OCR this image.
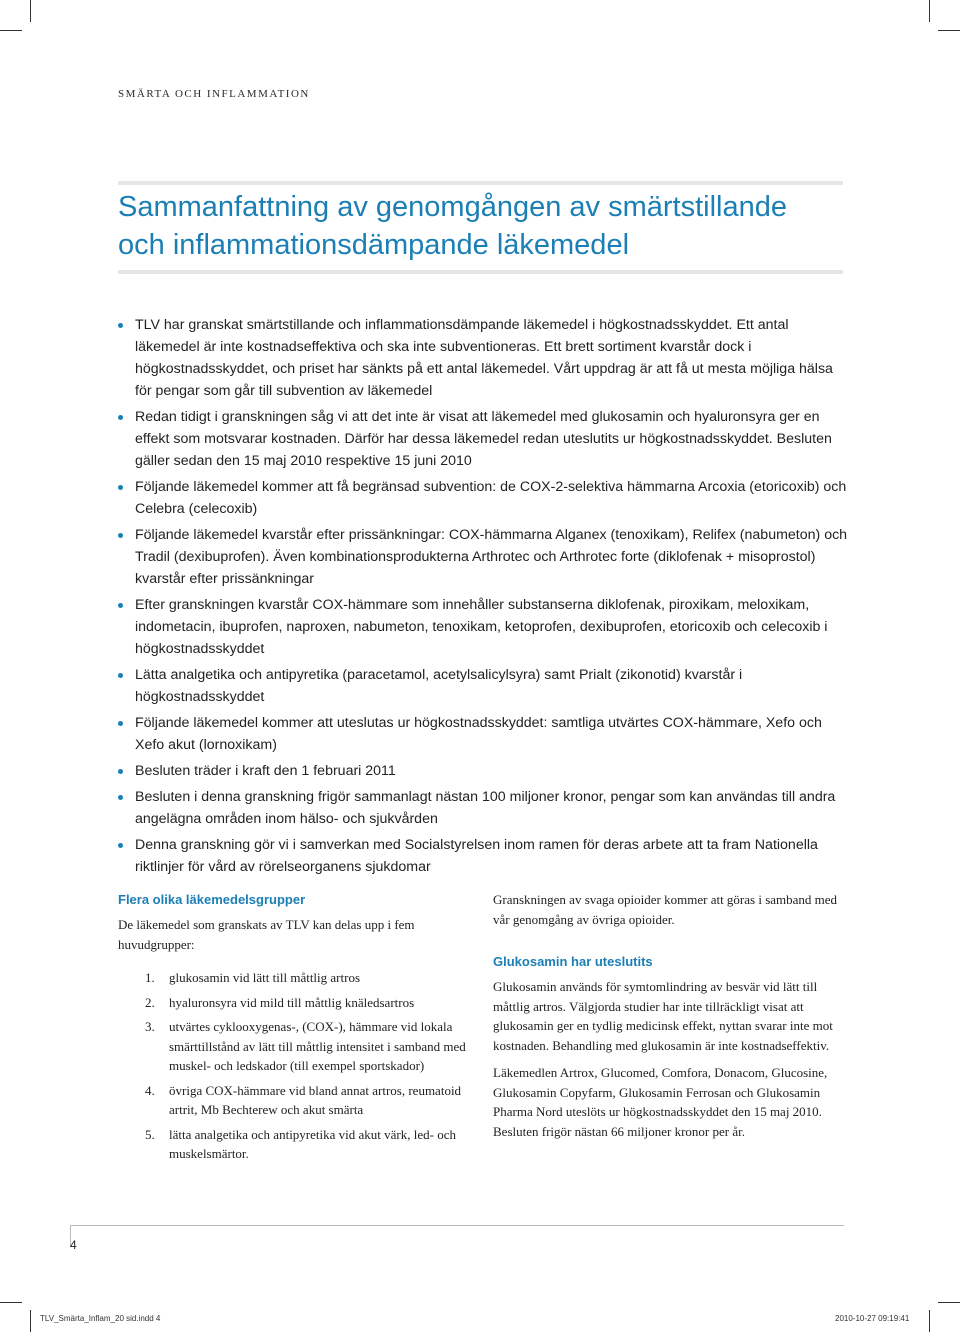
SMÄRTA OCH INFLAMMATION
Sammanfattning av genomgången av smärtstillande
och inflammationsdämpande läkemedel
TLV har granskat smärtstillande och inflammationsdämpande läkemedel i högkostnadsskyddet. Ett antal läkemedel är inte kostnadseffektiva och ska inte subventioneras. Ett brett sortiment kvarstår dock i högkostnadsskyddet, och priset har sänkts på ett antal läkemedel. Vårt uppdrag är att få ut mesta möjliga hälsa för pengar som går till subvention av läkemedel
Redan tidigt i granskningen såg vi att det inte är visat att läkemedel med glukosamin och hyaluronsyra ger en effekt som motsvarar kostnaden. Därför har dessa läkemedel redan uteslutits ur högkostnadsskyddet. Besluten gäller sedan den 15 maj 2010 respektive 15 juni 2010
Följande läkemedel kommer att få begränsad subvention: de COX-2-selektiva hämmarna Arcoxia (etoricoxib) och Celebra (celecoxib)
Följande läkemedel kvarstår efter prissänkningar: COX-hämmarna Alganex (tenoxikam), Relifex (nabumeton) och Tradil (dexibuprofen). Även kombinationsprodukterna Arthrotec och Arthrotec forte (diklofenak + misoprostol) kvarstår efter prissänkningar
Efter granskningen kvarstår COX-hämmare som innehåller substanserna diklofenak, piroxikam, meloxikam, indometacin, ibuprofen, naproxen, nabumeton, tenoxikam, ketoprofen, dexibuprofen, etoricoxib och celecoxib i högkostnadsskyddet
Lätta analgetika och antipyretika (paracetamol, acetylsalicylsyra) samt Prialt (zikonotid) kvarstår i högkostnadsskyddet
Följande läkemedel kommer att uteslutas ur högkostnadsskyddet: samtliga utvärtes COX-hämmare, Xefo och Xefo akut (lornoxikam)
Besluten träder i kraft den 1 februari 2011
Besluten i denna granskning frigör sammanlagt nästan 100 miljoner kronor, pengar som kan användas till andra angelägna områden inom hälso- och sjukvården
Denna granskning gör vi i samverkan med Socialstyrelsen inom ramen för deras arbete att ta fram Nationella riktlinjer för vård av rörelseorganens sjukdomar
Flera olika läkemedelsgrupper

De läkemedel som granskats av TLV kan delas upp i fem huvudgrupper:

1. glukosamin vid lätt till måttlig artros
2. hyaluronsyra vid mild till måttlig knäledsartros
3. utvärtes cyklooxygenas-, (COX-), hämmare vid lokala smärttillstånd av lätt till måttlig intensitet i samband med muskel- och ledskador (till exempel sportskador)
4. övriga COX-hämmare vid bland annat artros, reumatoid artrit, Mb Bechterew och akut smärta
5. lätta analgetika och antipyretika vid akut värk, led- och muskelsmärtor.

Granskningen av svaga opioider kommer att göras i samband med vår genomgång av övriga opioider.

Glukosamin har uteslutits

Glukosamin används för symtomlindring av besvär vid lätt till måttlig artros. Välgjorda studier har inte tillräckligt visat att glukosamin ger en tydlig medicinsk effekt, nyttan svarar inte mot kostnaden. Behandling med glukosamin är inte kostnadseffektiv.

Läkemedlen Artrox, Glucomed, Comfora, Donacom, Glucosine, Glukosamin Copyfarm, Glukosamin Ferrosan och Glukosamin Pharma Nord uteslöts ur högkostnadsskyddet den 15 maj 2010. Besluten frigör nästan 66 miljoner kronor per år.

4
TLV_Smärta_Inflam_20 sid.indd 4	2010-10-27 09:19:41
